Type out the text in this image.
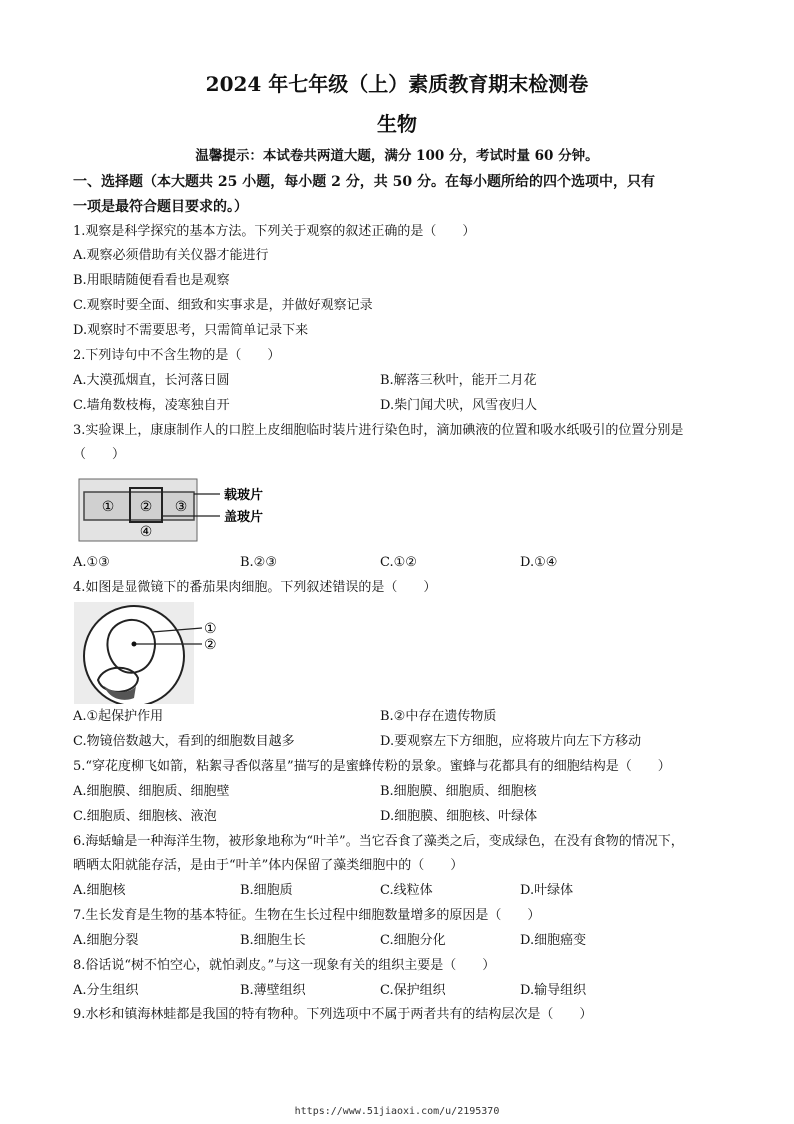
2024 年七年级（上）素质教育期末检测卷
生物
温馨提示：本试卷共两道大题，满分 100 分，考试时量 60 分钟。
一、选择题（本大题共 25 小题，每小题 2 分，共 50 分。在每小题所给的四个选项中，只有
一项是最符合题目要求的。）
1.观察是科学探究的基本方法。下列关于观察的叙述正确的是（　　）
A.观察必须借助有关仪器才能进行
B.用眼睛随便看看也是观察
C.观察时要全面、细致和实事求是，并做好观察记录
D.观察时不需要思考，只需简单记录下来
2.下列诗句中不含生物的是（　　）
A.大漠孤烟直，长河落日圆	B.解落三秋叶，能开二月花
C.墙角数枝梅，凌寒独自开	D.柴门闻犬吠，风雪夜归人
3.实验课上，康康制作人的口腔上皮细胞临时装片进行染色时，滴加碘液的位置和吸水纸吸引的位置分别是
（　　）
① ② ③
④
载玻片
盖玻片
A.①③	B.②③	C.①②	D.①④
4.如图是显微镜下的番茄果肉细胞。下列叙述错误的是（　　）
①
②
A.①起保护作用	B.②中存在遗传物质
C.物镜倍数越大，看到的细胞数目越多	D.要观察左下方细胞，应将玻片向左下方移动
5.“穿花度柳飞如箭，粘絮寻香似落星”描写的是蜜蜂传粉的景象。蜜蜂与花都具有的细胞结构是（　　）
A.细胞膜、细胞质、细胞壁	B.细胞膜、细胞质、细胞核
C.细胞质、细胞核、液泡	D.细胞膜、细胞核、叶绿体
6.海蛞蝓是一种海洋生物，被形象地称为“叶羊”。当它吞食了藻类之后，变成绿色，在没有食物的情况下，
晒晒太阳就能存活，是由于“叶羊”体内保留了藻类细胞中的（　　）
A.细胞核	B.细胞质	C.线粒体	D.叶绿体
7.生长发育是生物的基本特征。生物在生长过程中细胞数量增多的原因是（　　）
A.细胞分裂	B.细胞生长	C.细胞分化	D.细胞癌变
8.俗话说“树不怕空心，就怕剥皮。”与这一现象有关的组织主要是（　　）
A.分生组织	B.薄壁组织	C.保护组织	D.输导组织
9.水杉和镇海林蛙都是我国的特有物种。下列选项中不属于两者共有的结构层次是（　　）
https://www.51jiaoxi.com/u/2195370
